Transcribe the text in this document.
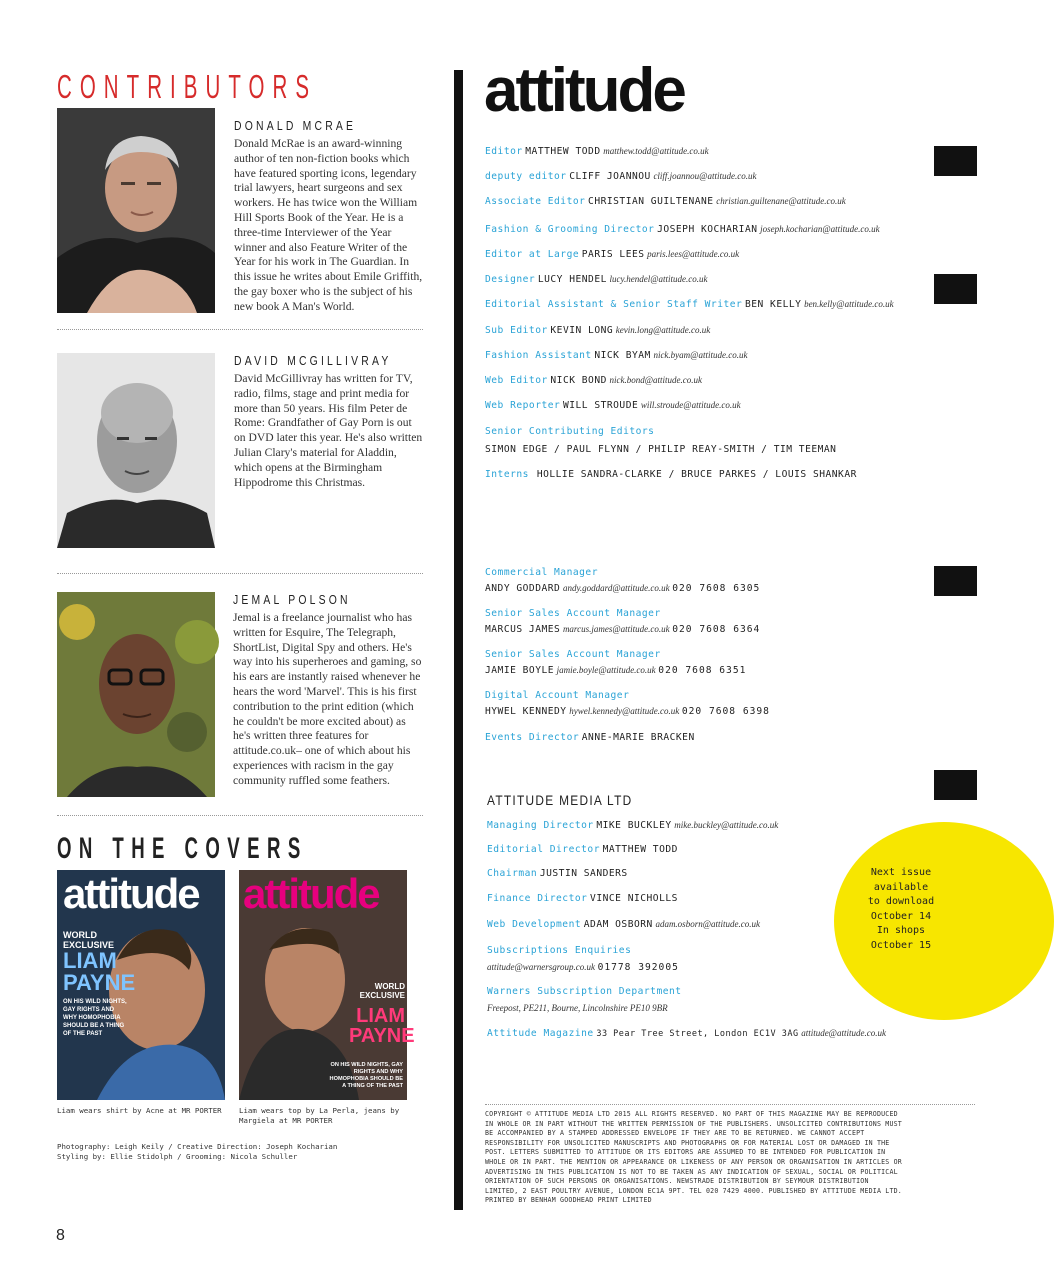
CONTRIBUTORS
DONALD MCRAE
Donald McRae is an award-winning author of ten non-fiction books which have featured sporting icons, legendary trial lawyers, heart surgeons and sex workers. He has twice won the William Hill Sports Book of the Year. He is a three-time Interviewer of the Year winner and also Feature Writer of the Year for his work in The Guardian. In this issue he writes about Emile Griffith, the gay boxer who is the subject of his new book A Man's World.
DAVID MCGILLIVRAY
David McGillivray has written for TV, radio, films, stage and print media for more than 50 years. His film Peter de Rome: Grandfather of Gay Porn is out on DVD later this year. He's also written Julian Clary's material for Aladdin, which opens at the Birmingham Hippodrome this Christmas.
JEMAL POLSON
Jemal is a freelance journalist who has written for Esquire, The Telegraph, ShortList, Digital Spy and others. He's way into his superheroes and gaming, so his ears are instantly raised whenever he hears the word 'Marvel'. This is his first contribution to the print edition (which he couldn't be more excited about) as he's written three features for attitude.co.uk– one of which about his experiences with racism in the gay community ruffled some feathers.
ON THE COVERS
attitude
WORLD EXCLUSIVE
LIAM PAYNE
ON HIS WILD NIGHTS, GAY RIGHTS AND WHY HOMOPHOBIA SHOULD BE A THING OF THE PAST
attitude
WORLD EXCLUSIVE
LIAM PAYNE
ON HIS WILD NIGHTS, GAY RIGHTS AND WHY HOMOPHOBIA SHOULD BE A THING OF THE PAST
Liam wears shirt by Acne at MR PORTER	Liam wears top by La Perla, jeans by Margiela at MR PORTER
Photography: Leigh Keily / Creative Direction: Joseph Kocharian
Styling by: Ellie Stidolph / Grooming: Nicola Schuller
8
attitude
Editor MATTHEW TODD matthew.todd@attitude.co.uk
deputy editor CLIFF JOANNOU cliff.joannou@attitude.co.uk
Associate Editor CHRISTIAN GUILTENANE christian.guiltenane@attitude.co.uk
Fashion & Grooming Director JOSEPH KOCHARIAN joseph.kocharian@attitude.co.uk
Editor at Large PARIS LEES paris.lees@attitude.co.uk
Designer LUCY HENDEL lucy.hendel@attitude.co.uk
Editorial Assistant & Senior Staff Writer BEN KELLY ben.kelly@attitude.co.uk
Sub Editor KEVIN LONG kevin.long@attitude.co.uk
Fashion Assistant NICK BYAM nick.byam@attitude.co.uk
Web Editor NICK BOND nick.bond@attitude.co.uk
Web Reporter WILL STROUDE will.stroude@attitude.co.uk
Senior Contributing Editors
SIMON EDGE / PAUL FLYNN / PHILIP REAY-SMITH / TIM TEEMAN
Interns HOLLIE SANDRA-CLARKE / BRUCE PARKES / LOUIS SHANKAR
Commercial Manager
ANDY GODDARD andy.goddard@attitude.co.uk 020 7608 6305
Senior Sales Account Manager
MARCUS JAMES marcus.james@attitude.co.uk 020 7608 6364
Senior Sales Account Manager
JAMIE BOYLE jamie.boyle@attitude.co.uk 020 7608 6351
Digital Account Manager
HYWEL KENNEDY hywel.kennedy@attitude.co.uk 020 7608 6398
Events Director ANNE-MARIE BRACKEN
ATTITUDE MEDIA LTD
Managing Director MIKE BUCKLEY mike.buckley@attitude.co.uk
Editorial Director MATTHEW TODD
Chairman JUSTIN SANDERS
Finance Director VINCE NICHOLLS
Web Development ADAM OSBORN adam.osborn@attitude.co.uk
Subscriptions Enquiries
attitude@warnersgroup.co.uk 01778 392005
Warners Subscription Department
Freepost, PE211, Bourne, Lincolnshire PE10 9BR
Attitude Magazine 33 Pear Tree Street, London EC1V 3AG attitude@attitude.co.uk
Next issue
available
to download
October 14
In shops
October 15
COPYRIGHT © ATTITUDE MEDIA LTD 2015 ALL RIGHTS RESERVED. NO PART OF THIS MAGAZINE MAY BE REPRODUCED IN WHOLE OR IN PART WITHOUT THE WRITTEN PERMISSION OF THE PUBLISHERS. UNSOLICITED CONTRIBUTIONS MUST BE ACCOMPANIED BY A STAMPED ADDRESSED ENVELOPE IF THEY ARE TO BE RETURNED. WE CANNOT ACCEPT RESPONSIBILITY FOR UNSOLICITED MANUSCRIPTS AND PHOTOGRAPHS OR FOR MATERIAL LOST OR DAMAGED IN THE POST. LETTERS SUBMITTED TO ATTITUDE OR ITS EDITORS ARE ASSUMED TO BE INTENDED FOR PUBLICATION IN WHOLE OR IN PART. THE MENTION OR APPEARANCE OR LIKENESS OF ANY PERSON OR ORGANISATION IN ARTICLES OR ADVERTISING IN THIS PUBLICATION IS NOT TO BE TAKEN AS ANY INDICATION OF SEXUAL, SOCIAL OR POLITICAL ORIENTATION OF SUCH PERSONS OR ORGANISATIONS. NEWSTRADE DISTRIBUTION BY SEYMOUR DISTRIBUTION LIMITED, 2 EAST POULTRY AVENUE, LONDON EC1A 9PT. TEL 020 7429 4000. PUBLISHED BY ATTITUDE MEDIA LTD. PRINTED BY BENHAM GOODHEAD PRINT LIMITED
